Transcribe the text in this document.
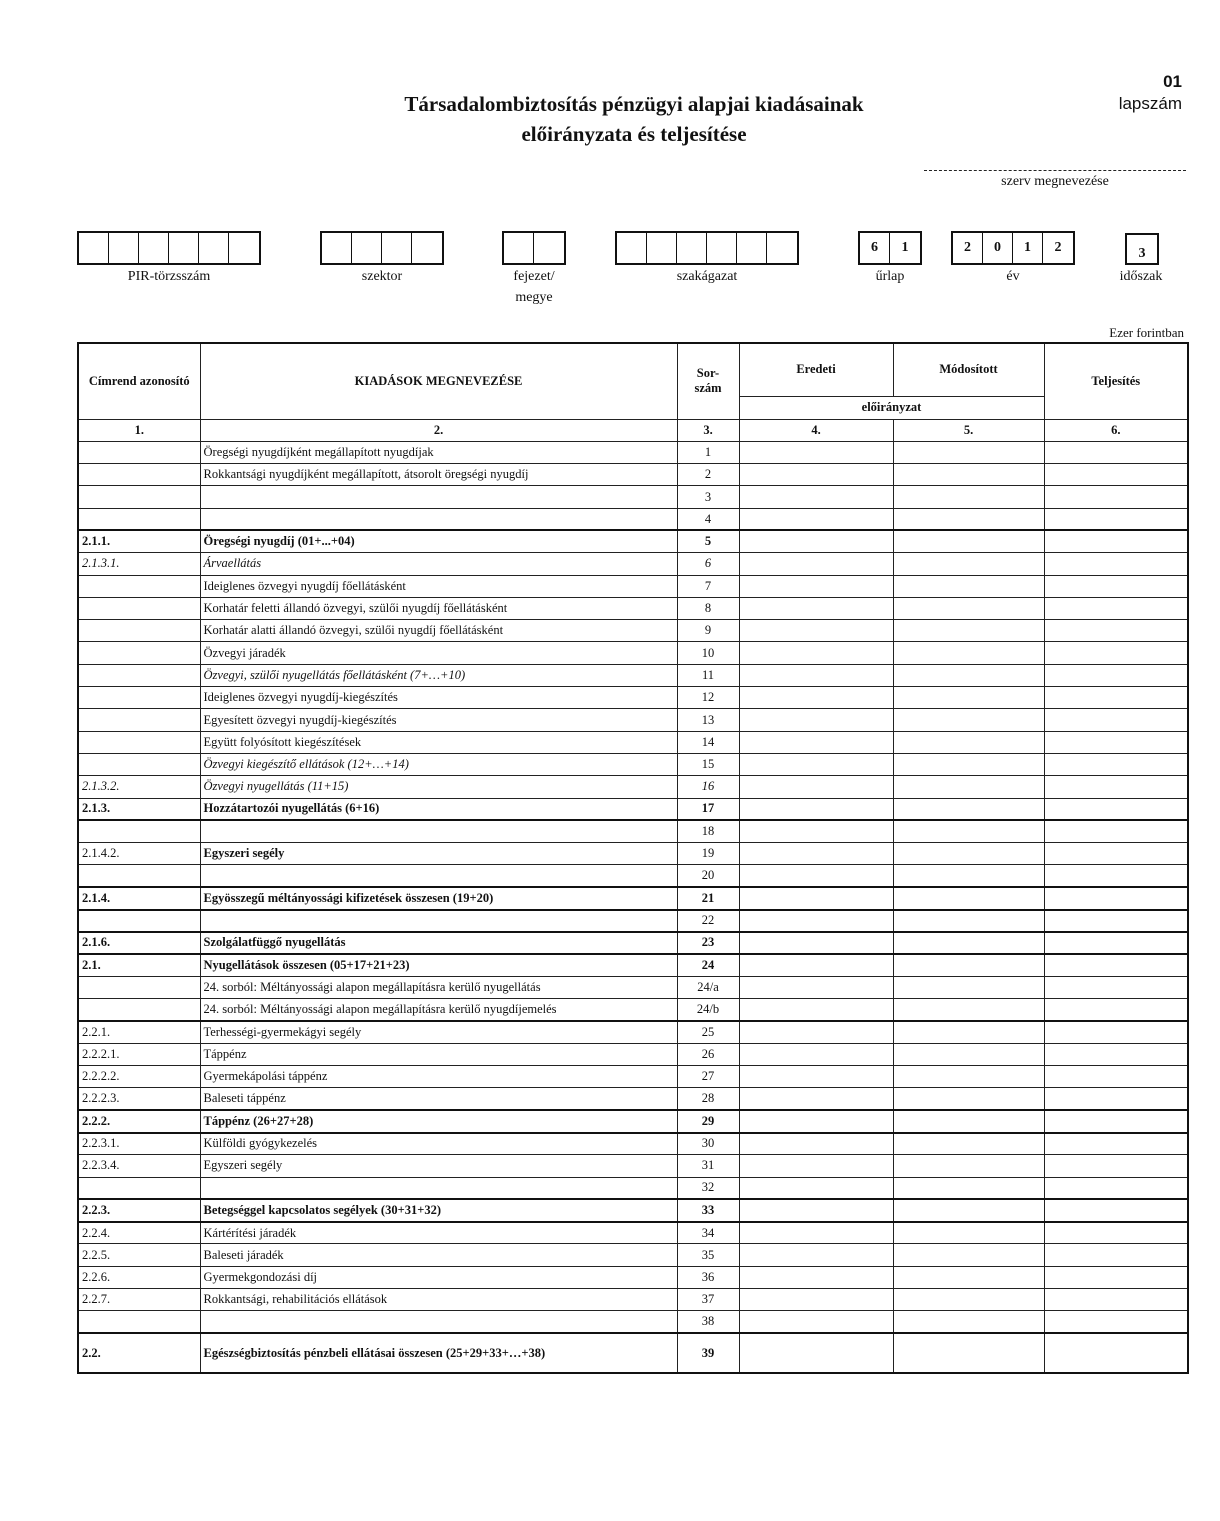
01
lapszám
Társadalombiztosítás pénzügyi alapjai kiadásainak
előirányzata és teljesítése
szerv megnevezése
PIR-törzsszám	szektor	fejezet/
megye
szakágazat
6	1
űrlap
2	0	1	2
év
3
időszak
Ezer forintban
Címrend azonosító	KIADÁSOK MEGNEVEZÉSE	Sor-
szám	Eredeti	Módosított	Teljesítés
			előirányzat		
1.	2.	3.	4.	5.	6.
	Öregségi nyugdíjként megállapított nyugdíjak	1			
	Rokkantsági nyugdíjként megállapított, átsorolt öregségi nyugdíj	2			
		3			
		4			
2.1.1.	Öregségi nyugdíj (01+...+04)	5			
2.1.3.1.	Árvaellátás	6			
	Ideiglenes özvegyi nyugdíj főellátásként	7			
	Korhatár feletti állandó özvegyi, szülői nyugdíj főellátásként	8			
	Korhatár alatti állandó özvegyi, szülői nyugdíj főellátásként	9			
	Özvegyi járadék	10			
	Özvegyi, szülői nyugellátás főellátásként (7+…+10)	11			
	Ideiglenes özvegyi nyugdíj-kiegészítés	12			
	Egyesített özvegyi nyugdíj-kiegészítés	13			
	Együtt folyósított kiegészítések	14			
	Özvegyi kiegészítő ellátások (12+…+14)	15			
2.1.3.2.	Özvegyi nyugellátás (11+15)	16			
2.1.3.	Hozzátartozói nyugellátás (6+16)	17			
		18			
2.1.4.2.	Egyszeri segély	19			
		20			
2.1.4.	Egyösszegű méltányossági kifizetések összesen (19+20)	21			
		22			
2.1.6.	Szolgálatfüggő nyugellátás	23			
2.1.	Nyugellátások összesen (05+17+21+23)	24			
	24. sorból: Méltányossági alapon megállapításra kerülő nyugellátás	24/a			
	24. sorból: Méltányossági alapon megállapításra kerülő nyugdíjemelés	24/b			
2.2.1.	Terhességi-gyermekágyi segély	25			
2.2.2.1.	Táppénz	26			
2.2.2.2.	Gyermekápolási táppénz	27			
2.2.2.3.	Baleseti táppénz	28			
2.2.2.	Táppénz (26+27+28)	29			
2.2.3.1.	Külföldi gyógykezelés	30			
2.2.3.4.	Egyszeri segély	31			
		32			
2.2.3.	Betegséggel kapcsolatos segélyek (30+31+32)	33			
2.2.4.	Kártérítési járadék	34			
2.2.5.	Baleseti járadék	35			
2.2.6.	Gyermekgondozási díj	36			
2.2.7.	Rokkantsági, rehabilitációs ellátások	37			
		38			
2.2.	Egészségbiztosítás pénzbeli ellátásai összesen (25+29+33+…+38)	39			
